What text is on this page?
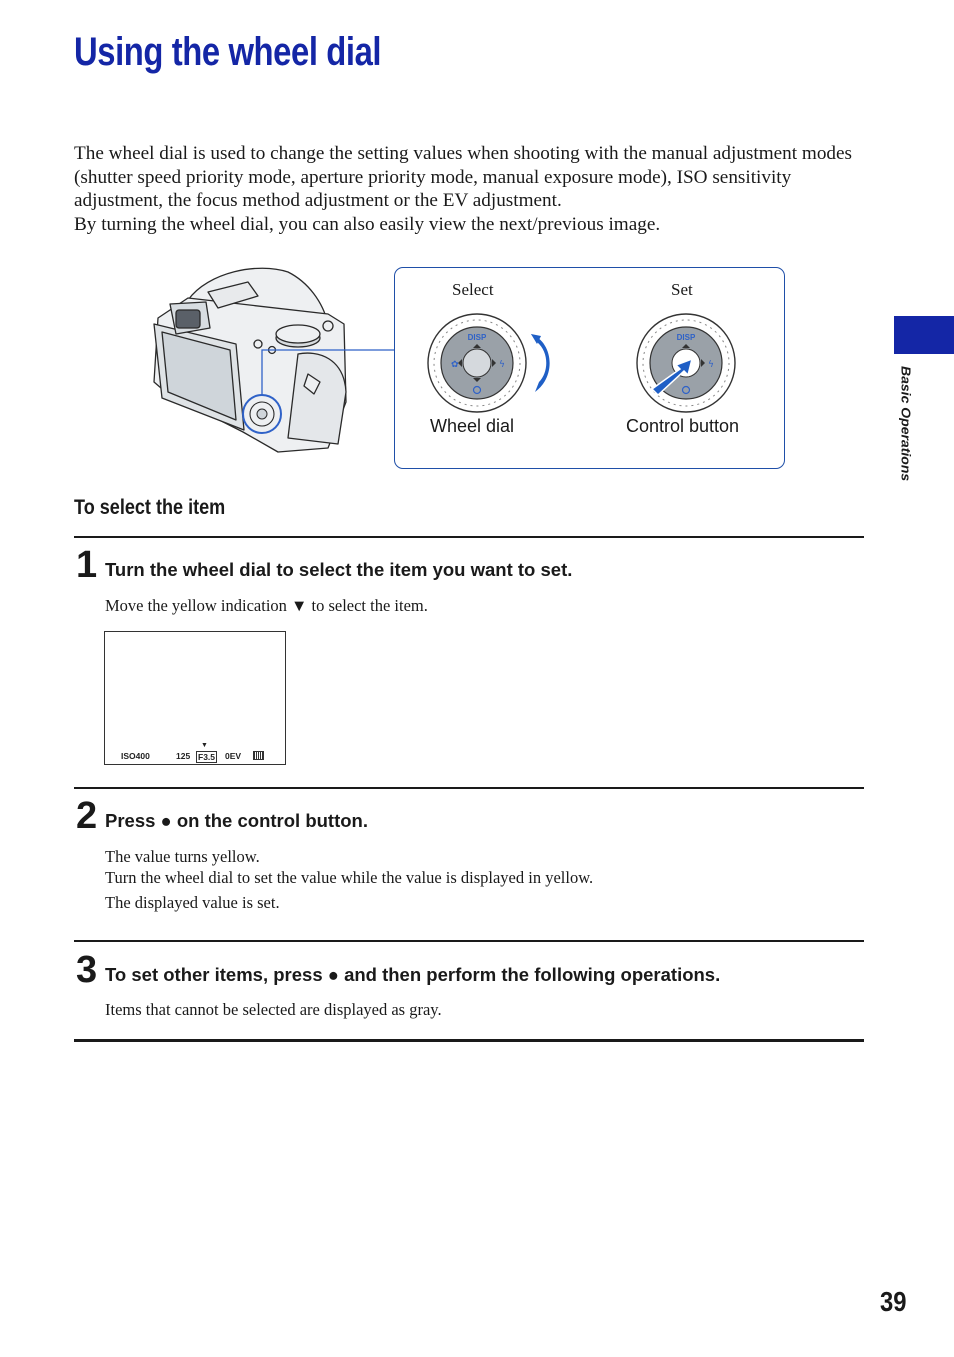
Using the wheel dial

The wheel dial is used to change the setting values when shooting with the manual adjustment modes (shutter speed priority mode, aperture priority mode, manual exposure mode), ISO sensitivity adjustment, the focus method adjustment or the EV adjustment.

By turning the wheel dial, you can also easily view the next/previous image.

Basic Operations
Select	Set
DISP
✿	ϟ
DISP
ϟ
Wheel dial	Control button
To select the item
1 Turn the wheel dial to select the item you want to set.
Move the yellow indication ▼ to select the item.
ISO400	125 F3.5
▼
0EV
2 Press ● on the control button.
The value turns yellow.
Turn the wheel dial to set the value while the value is displayed in yellow.
The displayed value is set.
3 To set other items, press ● and then perform the following operations.
Items that cannot be selected are displayed as gray.
39
